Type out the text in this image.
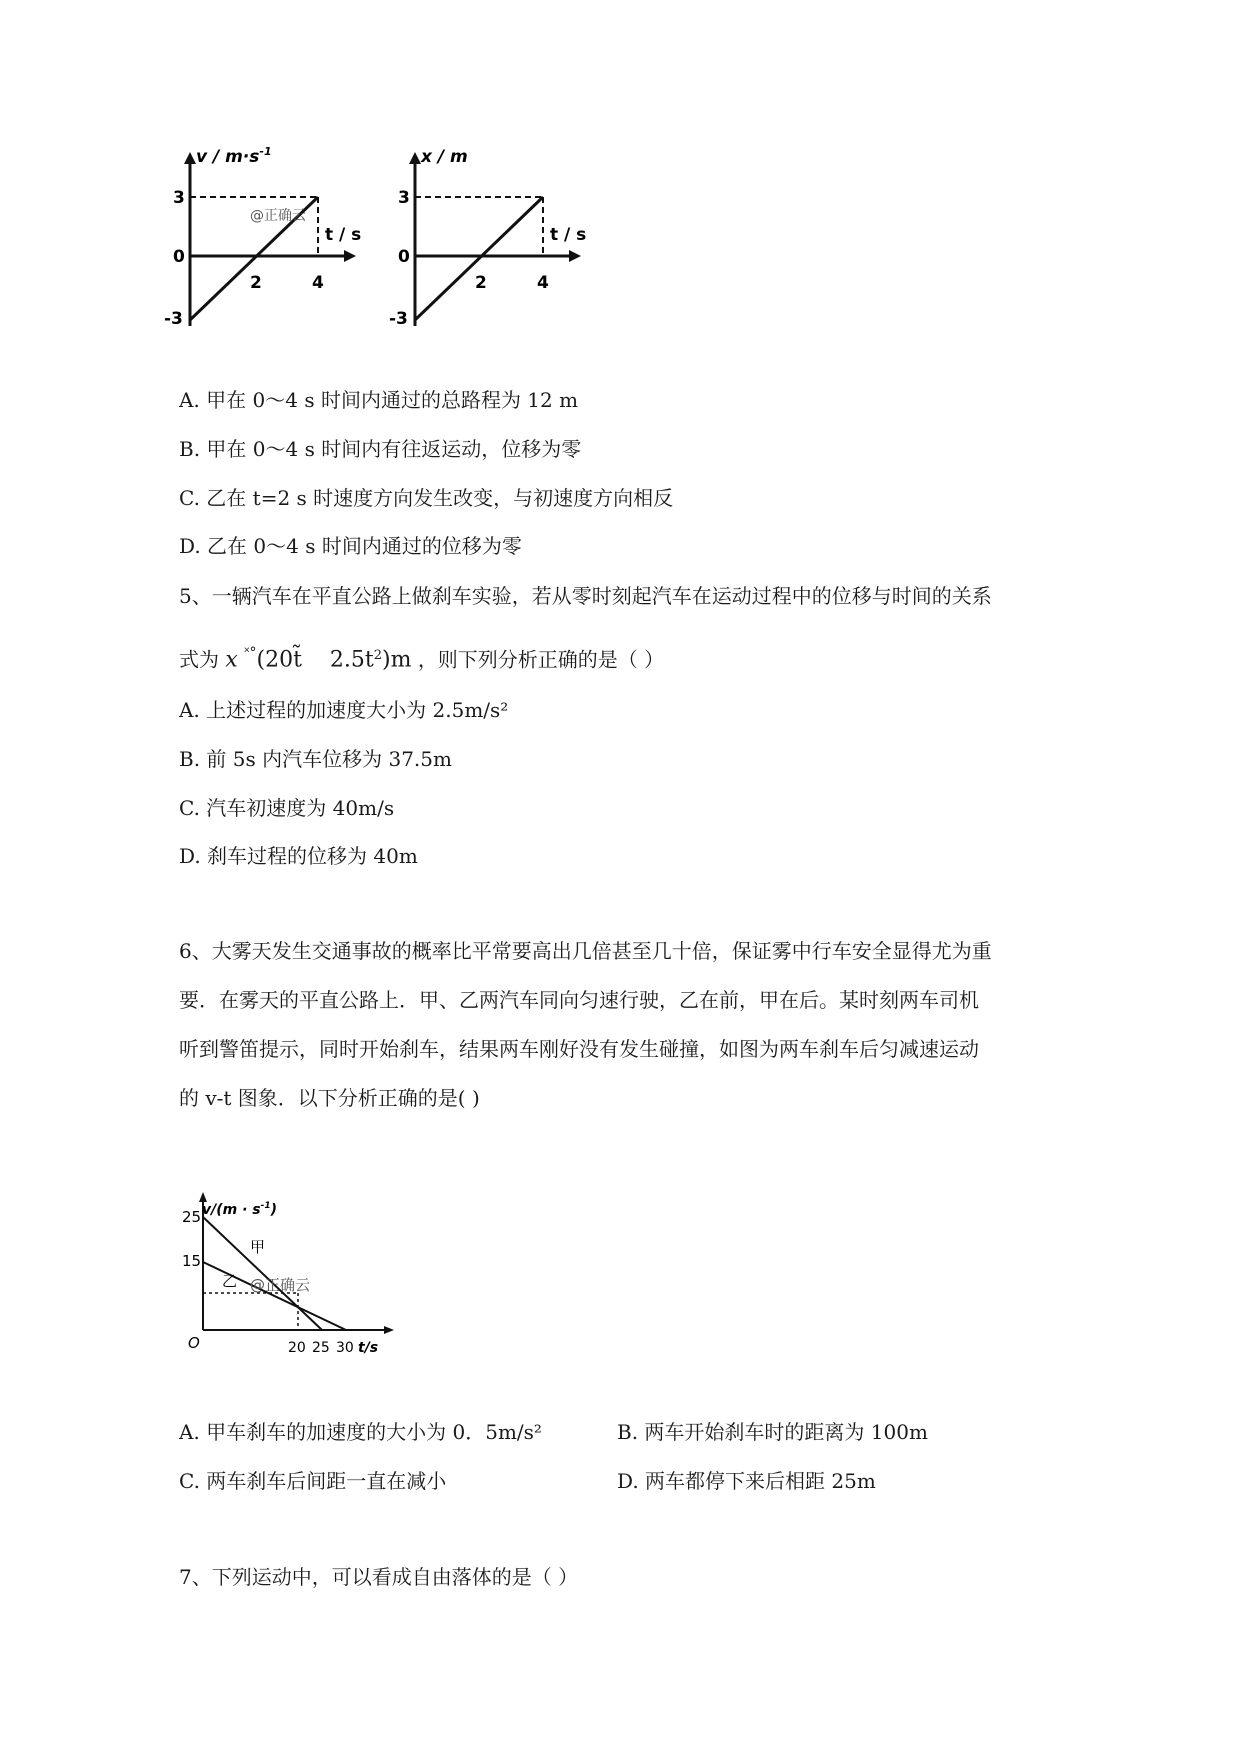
$v / m\cdot s^{-1}$
3
0
-3
2	4
t / s
@正确云
x / m
3
0
-3
2	4
t / s
A. 甲在 0～4 s 时间内通过的总路程为 12 m
B. 甲在 0～4 s 时间内有往返运动，位移为零
C. 乙在 t=2 s 时速度方向发生改变，与初速度方向相反
D. 乙在 0～4 s 时间内通过的位移为零
5、一辆汽车在平直公路上做刹车实验，若从零时刻起汽车在运动过程中的位移与时间的关系
式为 x ˟°(20t̃    $2.5t^2)m$ ，则下列分析正确的是（ ）
A. 上述过程的加速度大小为 2.5m/s²
B. 前 5s 内汽车位移为 37.5m
C. 汽车初速度为 40m/s
D. 刹车过程的位移为 40m
6、大雾天发生交通事故的概率比平常要高出几倍甚至几十倍，保证雾中行车安全显得尤为重
要．在雾天的平直公路上．甲、乙两汽车同向匀速行驶，乙在前，甲在后。某时刻两车司机
听到警笛提示，同时开始刹车，结果两车刚好没有发生碰撞，如图为两车刹车后匀减速运动
的 v-t 图象．以下分析正确的是( )
$v/(m \cdot s^{-1})$
25
15
O	20 25 30 t/s
甲
乙 @正确云
A. 甲车刹车的加速度的大小为 0．5m/s²	B. 两车开始刹车时的距离为 100m
C. 两车刹车后间距一直在减小	D. 两车都停下来后相距 25m
7、下列运动中，可以看成自由落体的是（ ）
